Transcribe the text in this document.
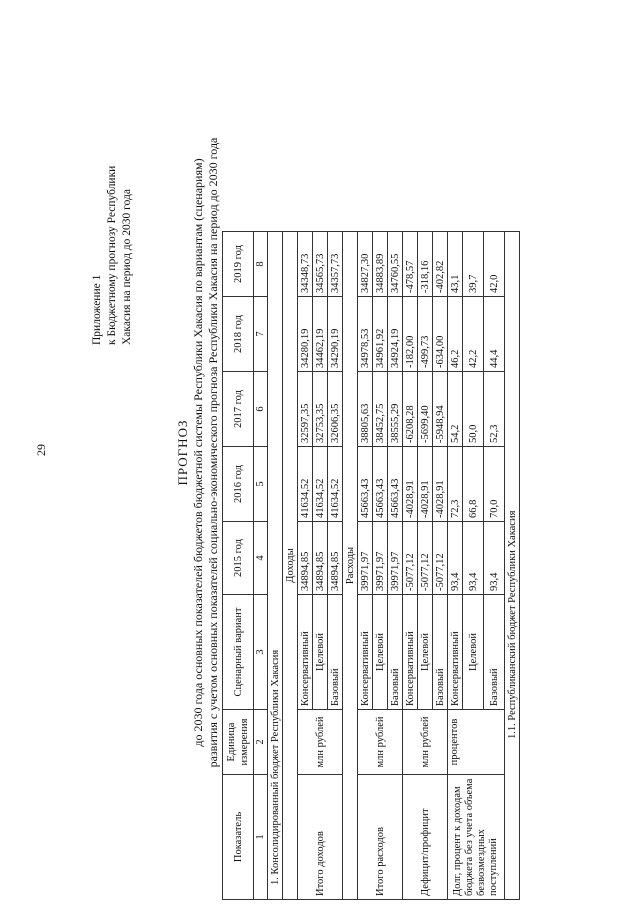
29
Приложение 1 к Бюджетному прогнозу Республики Хакасия на период до 2030 года
ПРОГНОЗ до 2030 года основных показателей бюджетов бюджетной системы Республики Хакасия по вариантам (сценариям) развития с учетом основных показателей социально-экономического прогноза Республики Хакасия на период до 2030 года
Показатель	Единица измерения	Сценарный вариант	2015 год	2016 год	2017 год	2018 год	2019 год
1	2	3	4	5	6	7	8
1. Консолидированный бюджет Республики Хакасия							
Доходы							
Итого доходов	млн рублей	Консервативный	34894,85	41634,52	32597,35	34280,19	34348,73
		Целевой	34894,85	41634,52	32753,35	34462,19	34565,73
		Базовый	34894,85	41634,52	32606,35	34290,19	34357,73
Расходы							
Итого расходов	млн рублей	Консервативный	39971,97	45663,43	38805,63	34978,53	34827,30
		Целевой	39971,97	45663,43	38452,75	34961,92	34883,89
		Базовый	39971,97	45663,43	38555,29	34924,19	34760,55
Дефицит/профицит	млн рублей	Консервативный	-5077,12	-4028,91	-6208,28	-182,00	-478,57
		Целевой	-5077,12	-4028,91	-5699,40	-499,73	-318,16
		Базовый	-5077,12	-4028,91	-5948,94	-634,00	-402,82
Долг, процент к доходам бюджета без учета объема безвозмездных поступлений	процентов	Консервативный	93,4	72,3	54,2	46,2	43,1
		Целевой	93,4	66,8	50,0	42,2	39,7
		Базовый	93,4	70,0	52,3	44,4	42,0
1.1. Республиканский бюджет Республики Хакасия							
